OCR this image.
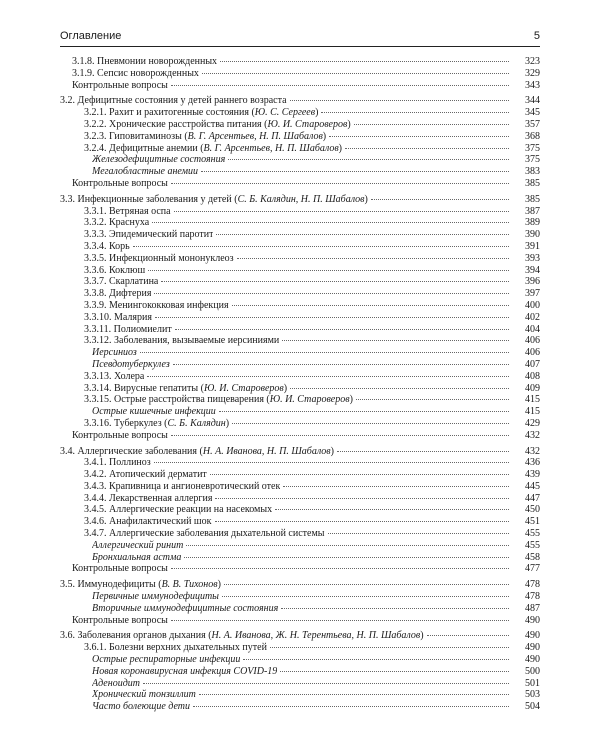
Оглавление	5
3.1.8. Пневмонии новорожденных	323
3.1.9. Сепсис новорожденных	329
Контрольные вопросы	343
3.2. Дефицитные состояния у детей раннего возраста	344
3.2.1. Рахит и рахитогенные состояния (Ю. С. Сергеев)	345
3.2.2. Хронические расстройства питания (Ю. И. Староверов)	357
3.2.3. Гиповитаминозы (В. Г. Арсентьев, Н. П. Шабалов)	368
3.2.4. Дефицитные анемии (В. Г. Арсентьев, Н. П. Шабалов)	375
Железодефицитные состояния	375
Мегалобластные анемии	383
Контрольные вопросы	385
3.3. Инфекционные заболевания у детей (С. Б. Калядин, Н. П. Шабалов)	385
3.3.1. Ветряная оспа	387
3.3.2. Краснуха	389
3.3.3. Эпидемический паротит	390
3.3.4. Корь	391
3.3.5. Инфекционный мононуклеоз	393
3.3.6. Коклюш	394
3.3.7. Скарлатина	396
3.3.8. Дифтерия	397
3.3.9. Менингококковая инфекция	400
3.3.10. Малярия	402
3.3.11. Полиомиелит	404
3.3.12. Заболевания, вызываемые иерсиниями	406
Иерсиниоз	406
Псевдотуберкулез	407
3.3.13. Холера	408
3.3.14. Вирусные гепатиты (Ю. И. Староверов)	409
3.3.15. Острые расстройства пищеварения (Ю. И. Староверов)	415
Острые кишечные инфекции	415
3.3.16. Туберкулез (С. Б. Калядин)	429
Контрольные вопросы	432
3.4. Аллергические заболевания (Н. А. Иванова, Н. П. Шабалов)	432
3.4.1. Поллиноз	436
3.4.2. Атопический дерматит	439
3.4.3. Крапивница и ангионевротический отек	445
3.4.4. Лекарственная аллергия	447
3.4.5. Аллергические реакции на насекомых	450
3.4.6. Анафилактический шок	451
3.4.7. Аллергические заболевания дыхательной системы	455
Аллергический ринит	455
Бронхиальная астма	458
Контрольные вопросы	477
3.5. Иммунодефициты (В. В. Тихонов)	478
Первичные иммунодефициты	478
Вторичные иммунодефицитные состояния	487
Контрольные вопросы	490
3.6. Заболевания органов дыхания (Н. А. Иванова, Ж. Н. Терентьева, Н. П. Шабалов)	490
3.6.1. Болезни верхних дыхательных путей	490
Острые респираторные инфекции	490
Новая коронавирусная инфекция COVID-19	500
Аденоидит	501
Хронический тонзиллит	503
Часто болеющие дети	504
